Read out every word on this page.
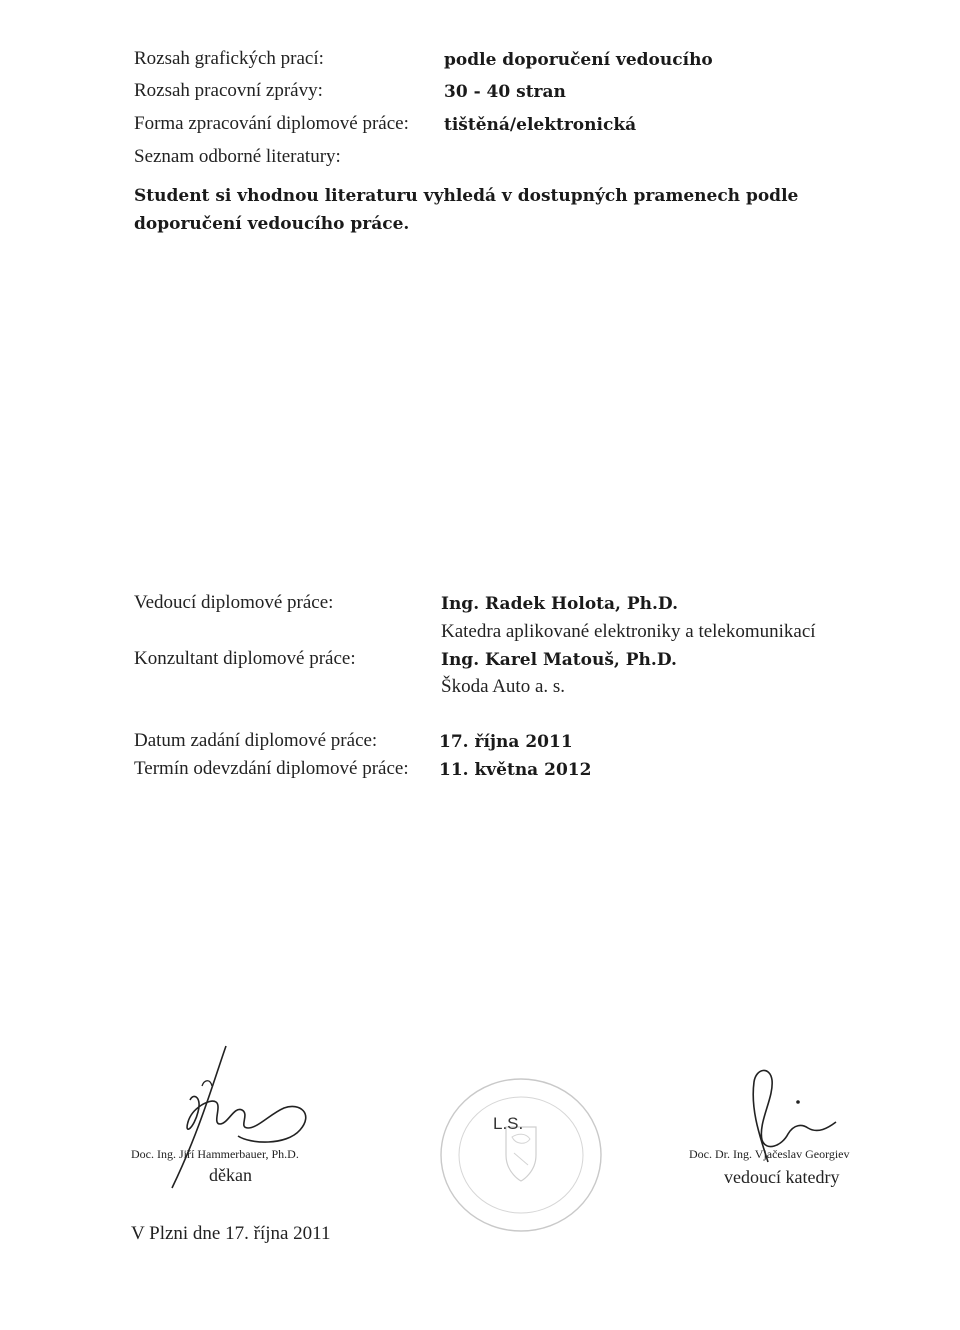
Rozsah grafických prací:	podle doporučení vedoucího
Rozsah pracovní zprávy:	30 - 40 stran
Forma zpracování diplomové práce: tištěná/elektronická
Seznam odborné literatury:
Student si vhodnou literaturu vyhledá v dostupných pramenech podle doporučení vedoucího práce.
Vedoucí diplomové práce:	Ing. Radek Holota, Ph.D.
Katedra aplikované elektroniky a telekomunikací
Konzultant diplomové práce:	Ing. Karel Matouš, Ph.D.
Škoda Auto a. s.
Datum zadání diplomové práce:	17. října 2011
Termín odevzdání diplomové práce: 11. května 2012
Doc. Ing. Jiří Hammerbauer, Ph.D.
děkan
L.S.
Doc. Dr. Ing. Vjačeslav Georgiev
vedoucí katedry
V Plzni dne 17. října 2011
